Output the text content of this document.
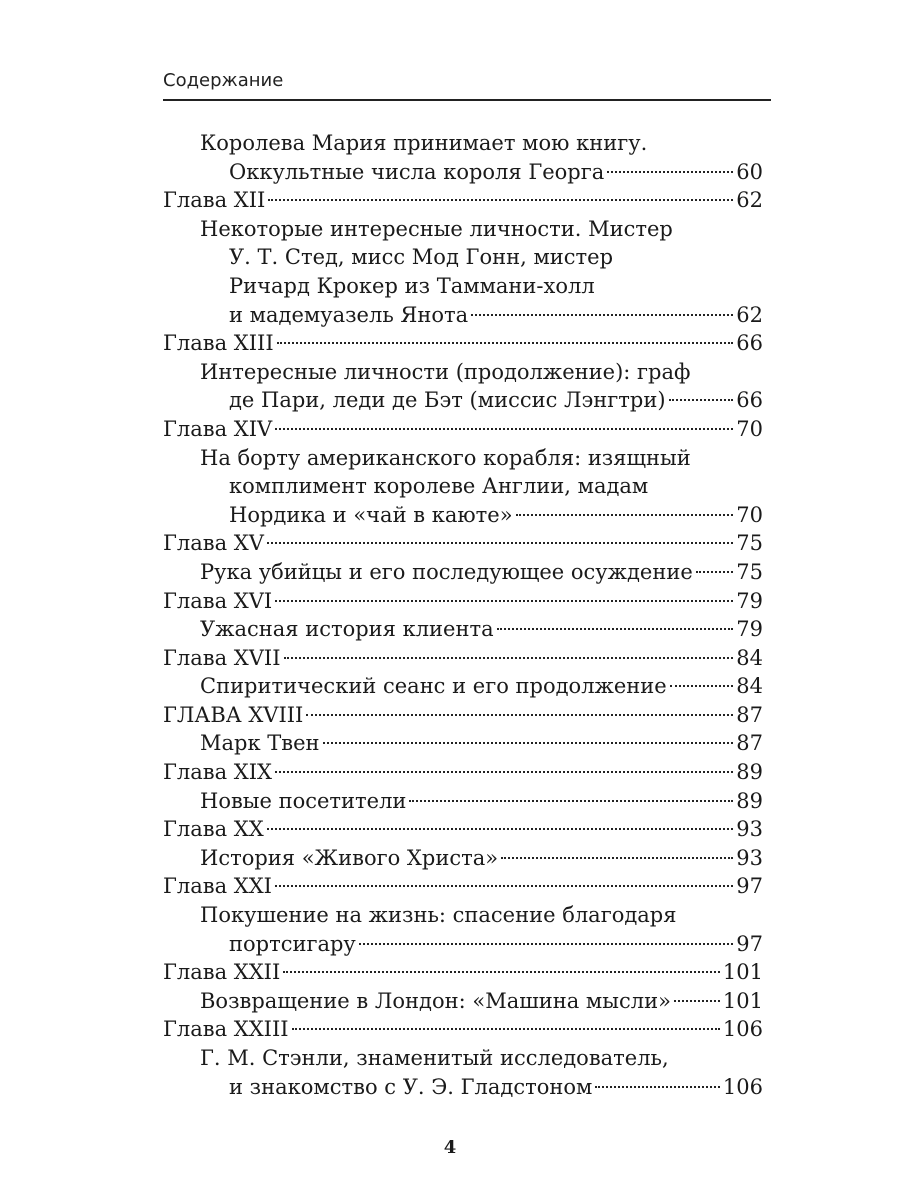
Содержание
Королева Мария принимает мою книгу.
Оккультные числа короля Георга	60
Глава XII	62
Некоторые интересные личности. Мистер
У. Т. Стед, мисс Мод Гонн, мистер
Ричард Крокер из Таммани-холл
и мадемуазель Янота	62
Глава XIII	66
Интересные личности (продолжение): граф
де Пари, леди де Бэт (миссис Лэнгтри)	66
Глава XIV	70
На борту американского корабля: изящный
комплимент королеве Англии, мадам
Нордика и «чай в каюте»	70
Глава XV	75
Рука убийцы и его последующее осуждение 75
Глава XVI	79
Ужасная история клиента	79
Глава XVII	84
Спиритический сеанс и его продолжение	84
ГЛАВА XVIII	87
Марк Твен	87
Глава XIX	89
Новые посетители	89
Глава XX	93
История «Живого Христа»	93
Глава XXI	97
Покушение на жизнь: спасение благодаря
портсигару	97
Глава XXII	101
Возвращение в Лондон: «Машина мысли» 101
Глава XXIII	106
Г. М. Стэнли, знаменитый исследователь,
и знакомство с У. Э. Гладстоном	106
4
